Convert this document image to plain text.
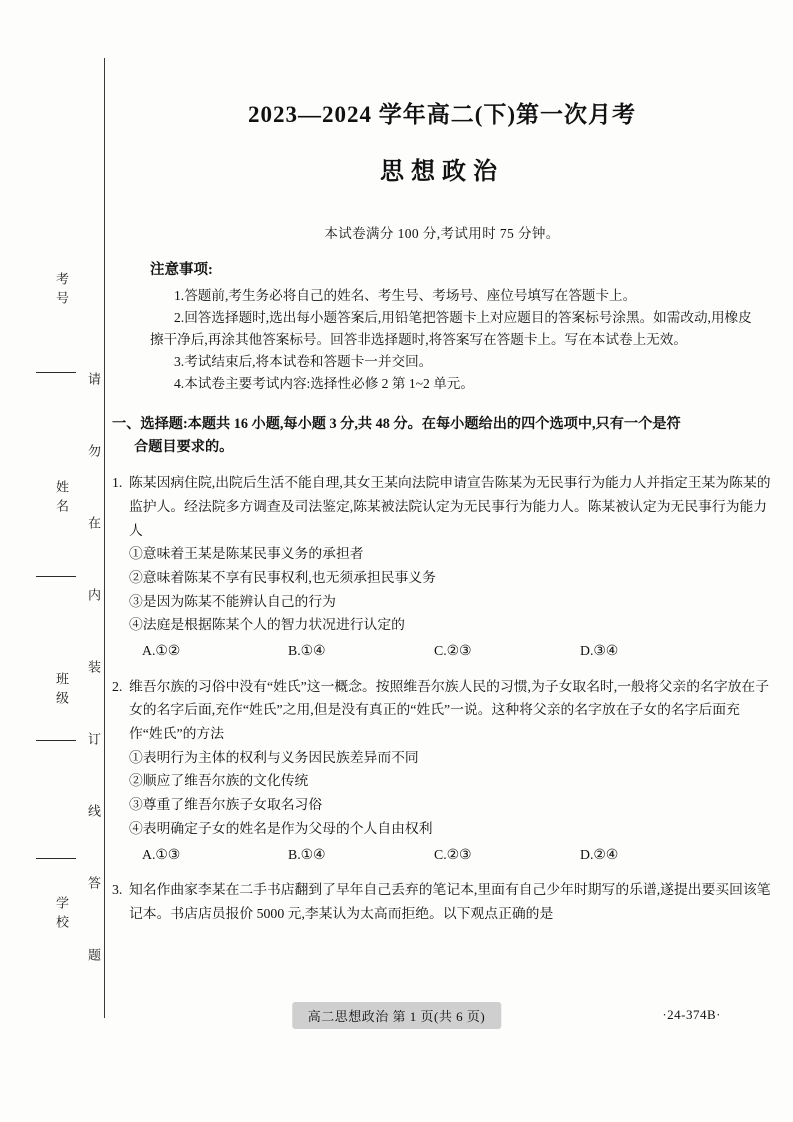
考号
姓名
班级
学校 请 勿 在 内 装 订 线 答 题
2023—2024 学年高二(下)第一次月考
思想政治
本试卷满分 100 分,考试用时 75 分钟。
注意事项:
1.答题前,考生务必将自己的姓名、考生号、考场号、座位号填写在答题卡上。
2.回答选择题时,选出每小题答案后,用铅笔把答题卡上对应题目的答案标号涂黑。如需改动,用橡皮擦干净后,再涂其他答案标号。回答非选择题时,将答案写在答题卡上。写在本试卷上无效。
3.考试结束后,将本试卷和答题卡一并交回。
4.本试卷主要考试内容:选择性必修 2 第 1~2 单元。
一、选择题:本题共 16 小题,每小题 3 分,共 48 分。在每小题给出的四个选项中,只有一个是符
合题目要求的。
1. 陈某因病住院,出院后生活不能自理,其女王某向法院申请宣告陈某为无民事行为能力人并指定王某为陈某的监护人。经法院多方调查及司法鉴定,陈某被法院认定为无民事行为能力人。陈某被认定为无民事行为能力人
①意味着王某是陈某民事义务的承担者
②意味着陈某不享有民事权利,也无须承担民事义务
③是因为陈某不能辨认自己的行为
④法庭是根据陈某个人的智力状况进行认定的
A.①②	B.①④	C.②③	D.③④
2. 维吾尔族的习俗中没有“姓氏”这一概念。按照维吾尔族人民的习惯,为子女取名时,一般将父亲的名字放在子女的名字后面,充作“姓氏”之用,但是没有真正的“姓氏”一说。这种将父亲的名字放在子女的名字后面充作“姓氏”的方法
①表明行为主体的权利与义务因民族差异而不同
②顺应了维吾尔族的文化传统
③尊重了维吾尔族子女取名习俗
④表明确定子女的姓名是作为父母的个人自由权利
A.①③	B.①④	C.②③	D.②④
3. 知名作曲家李某在二手书店翻到了早年自己丢弃的笔记本,里面有自己少年时期写的乐谱,遂提出要买回该笔记本。书店店员报价 5000 元,李某认为太高而拒绝。以下观点正确的是
高二思想政治 第 1 页(共 6 页)	·24-374B·
